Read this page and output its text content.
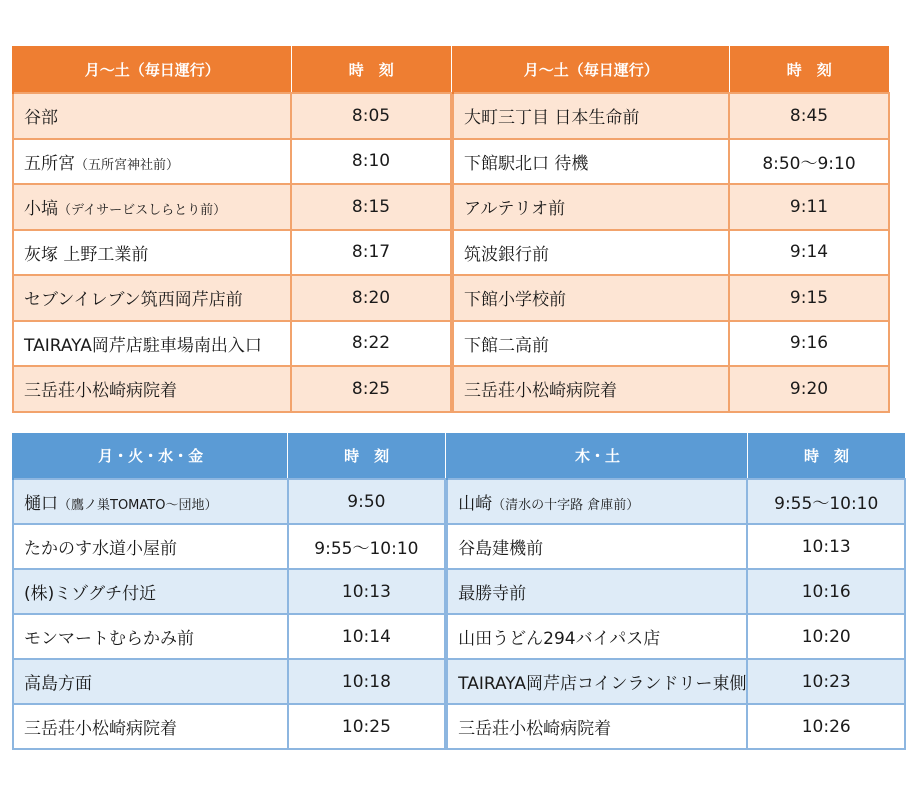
月～土（毎日運行）	時　刻		月～土（毎日運行）	時　刻
谷部	8:05		大町三丁目 日本生命前	8:45
五所宮（五所宮神社前）	8:10		下館駅北口 待機	8:50～9:10
小塙（デイサービスしらとり前）	8:15		アルテリオ前	9:11
灰塚 上野工業前	8:17		筑波銀行前	9:14
セブンイレブン筑西岡芹店前	8:20		下館小学校前	9:15
TAIRAYA岡芹店駐車場南出入口	8:22		下館二高前	9:16
三岳荘小松崎病院着	8:25		三岳荘小松崎病院着	9:20
月・火・水・金	時　刻		木・土	時　刻
樋口（鷹ノ巣TOMATO～団地）	9:50		山崎（清水の十字路 倉庫前）	9:55～10:10
たかのす水道小屋前	9:55～10:10		谷島建機前	10:13
(株)ミゾグチ付近	10:13		最勝寺前	10:16
モンマートむらかみ前	10:14		山田うどん294バイパス店	10:20
高島方面	10:18		TAIRAYA岡芹店コインランドリー東側	10:23
三岳荘小松崎病院着	10:25		三岳荘小松崎病院着	10:26
